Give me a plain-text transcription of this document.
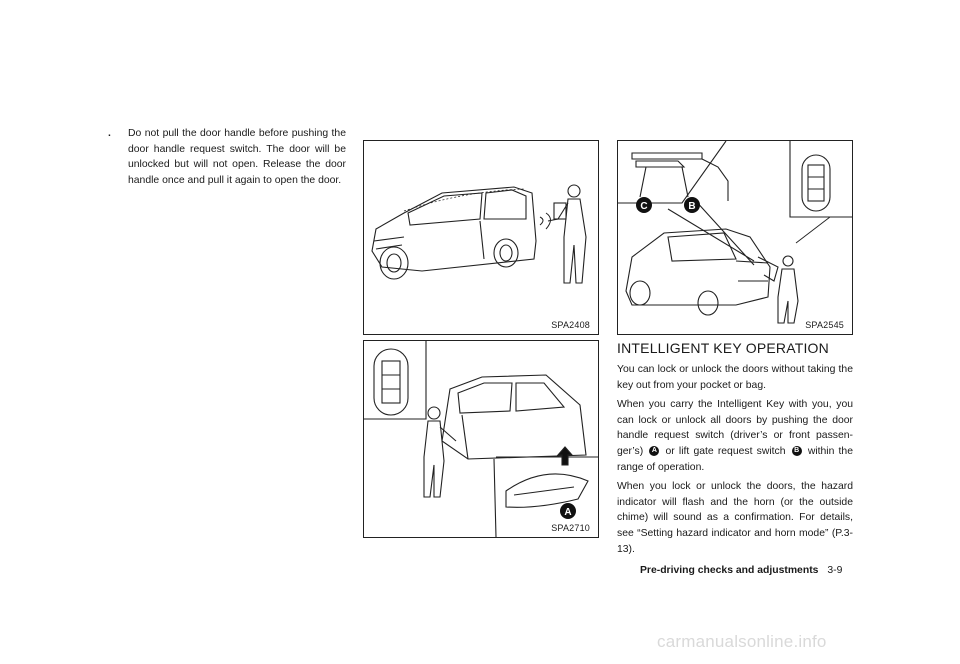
.	Do not pull the door handle before pushing the door handle request switch. The door will be unlocked but will not open. Release the door handle once and pull it again to open the door.
SPA2408
C	B
SPA2545
A
SPA2710
INTELLIGENT KEY OPERATION

You can lock or unlock the doors without taking the key out from your pocket or bag.

When you carry the Intelligent Key with you, you can lock or unlock all doors by pushing the door handle request switch (driver’s or front passen-ger’s) A or lift gate request switch B within the range of operation.

When you lock or unlock the doors, the hazard indicator will flash and the horn (or the outside chime) will sound as a confirmation. For details, see “Setting hazard indicator and horn mode” (P.3-13).

Pre-driving checks and adjustments 3-9
carmanualsonline.info
